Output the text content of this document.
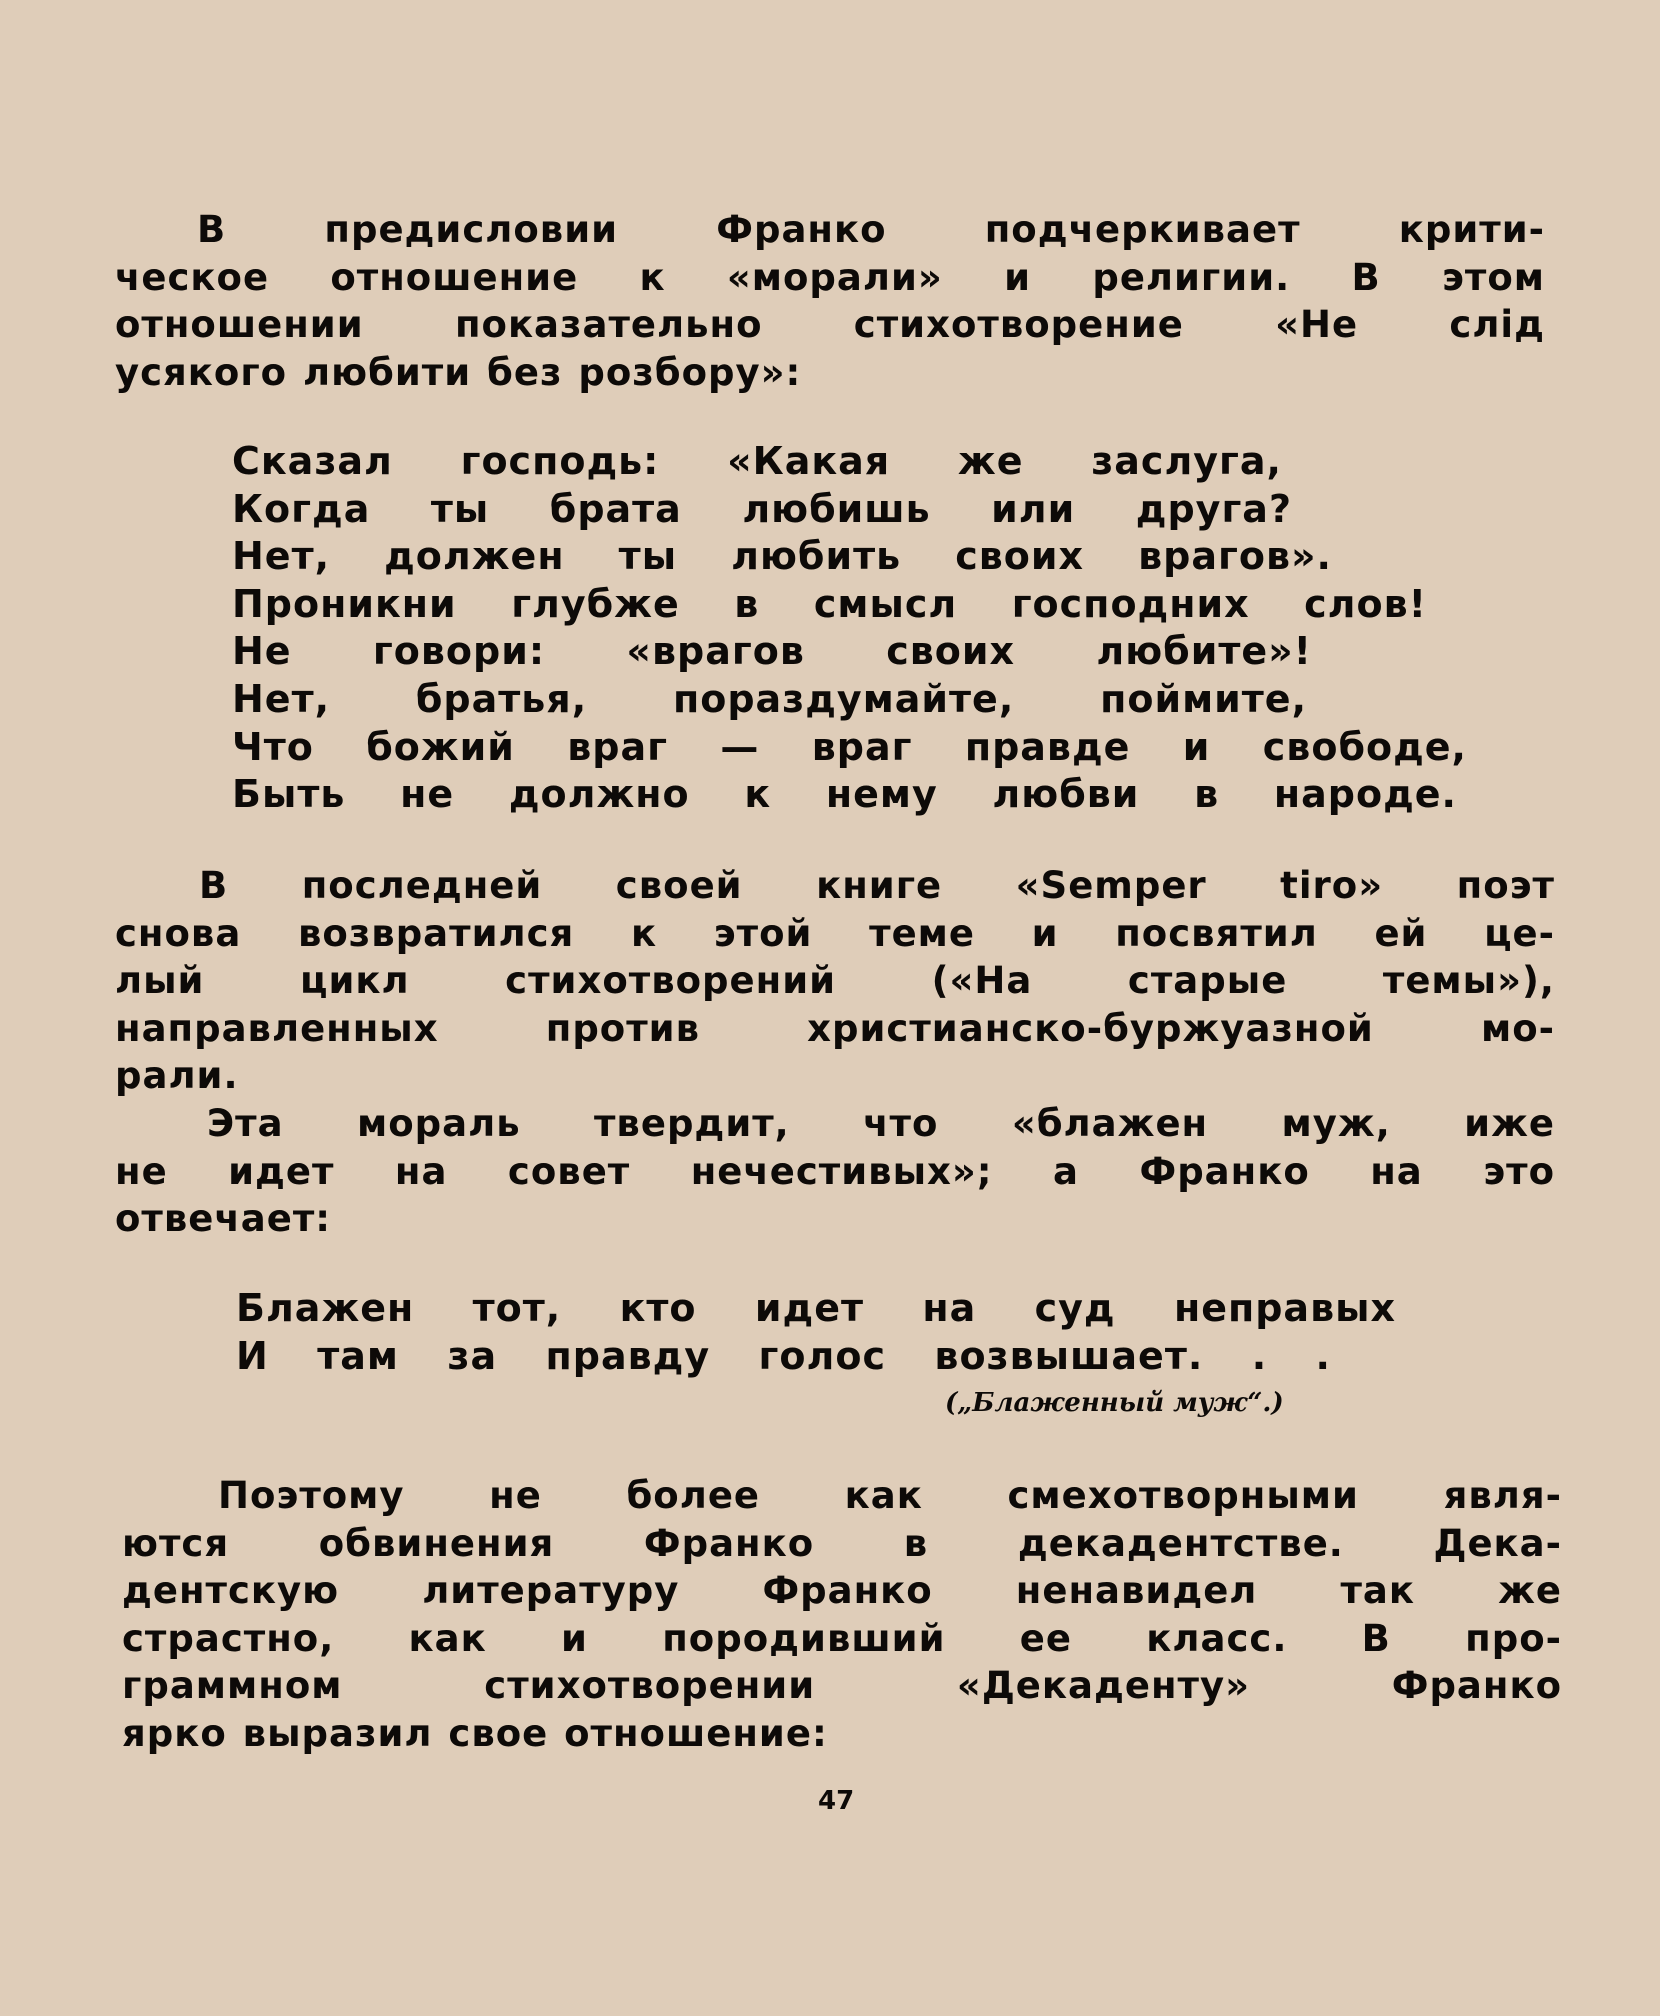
В предисловии Франко подчеркивает крити-
ческое отношение к «морали» и религии. В этом
отношении показательно стихотворение «Не слід
усякого любити без розбору»:
Сказал господь: «Какая же заслуга,
Когда ты брата любишь или друга?
Нет, должен ты любить своих врагов».
Проникни глубже в смысл господних слов!
Не говори: «врагов своих любите»!
Нет, братья, пораздумайте, поймите,
Что божий враг — враг правде и свободе,
Быть не должно к нему любви в народе.
В последней своей книге «Semper tiro» поэт
снова возвратился к этой теме и посвятил ей це-
лый цикл стихотворений («На старые темы»),
направленных против христианско-буржуазной мо-
рали.
Эта мораль твердит, что «блажен муж, иже
не идет на совет нечестивых»; а Франко на это
отвечает:
Блажен тот, кто идет на суд неправых
И там за правду голос возвышает. . .
(„Блаженный муж“.)
Поэтому не более как смехотворными явля-
ются обвинения Франко в декадентстве. Дека-
дентскую литературу Франко ненавидел так же
страстно, как и породивший ее класс. В про-
граммном стихотворении «Декаденту» Франко
ярко выразил свое отношение:
47
